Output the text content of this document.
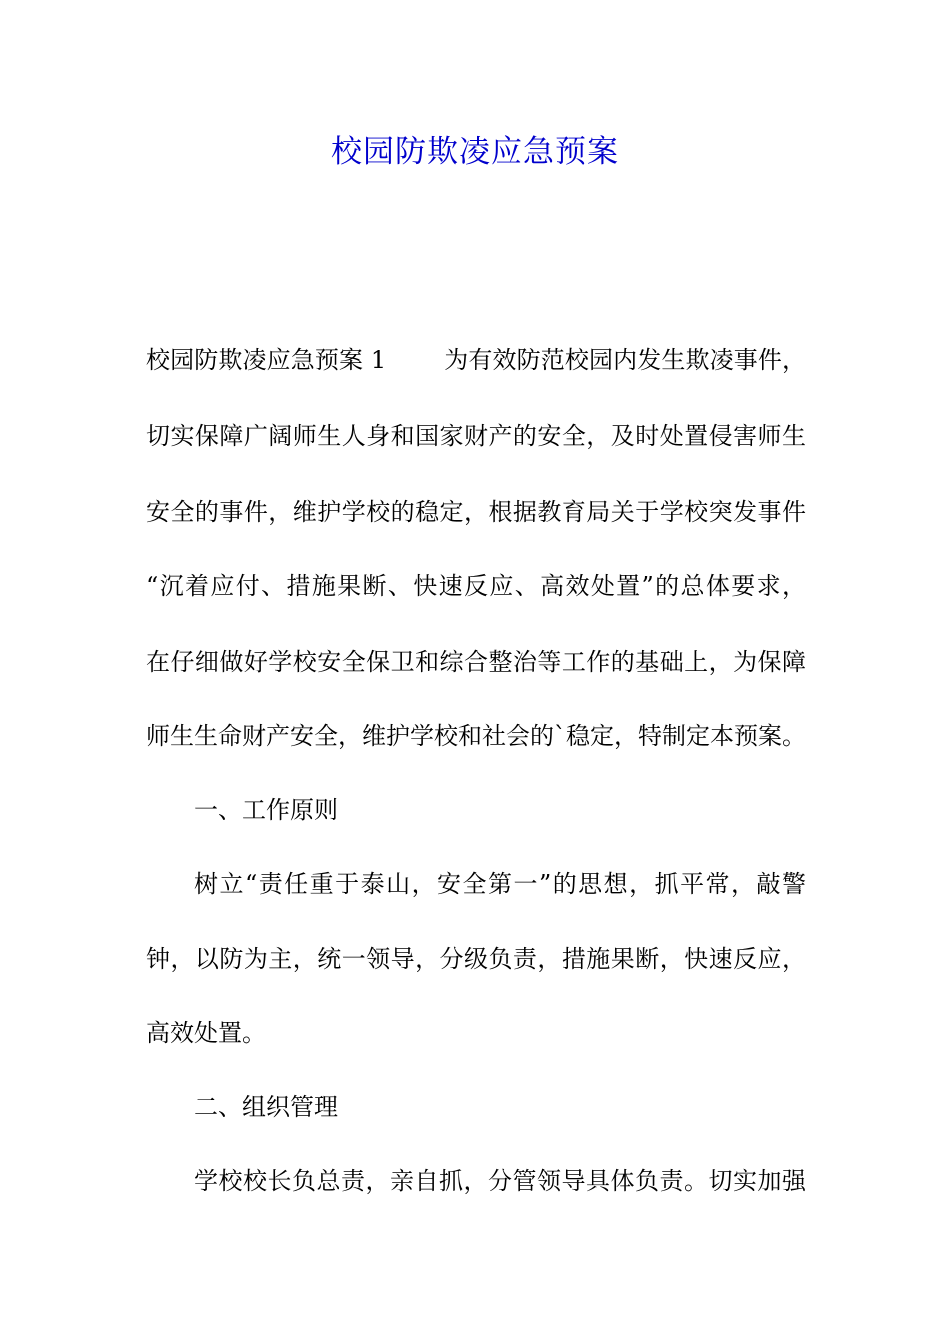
校园防欺凌应急预案

校园防欺凌应急预案 1 为有效防范校园内发生欺凌事件，

切实保障广阔师生人身和国家财产的安全，及时处置侵害师生

安全的事件，维护学校的稳定，根据教育局关于学校突发事件

“沉着应付、措施果断、快速反应、高效处置”的总体要求，

在仔细做好学校安全保卫和综合整治等工作的基础上，为保障

师生生命财产安全，维护学校和社会的`稳定，特制定本预案。

一、工作原则

树立“责任重于泰山，安全第一”的思想，抓平常，敲警

钟，以防为主，统一领导，分级负责，措施果断，快速反应，

高效处置。

二、组织管理

学校校长负总责，亲自抓，分管领导具体负责。切实加强
